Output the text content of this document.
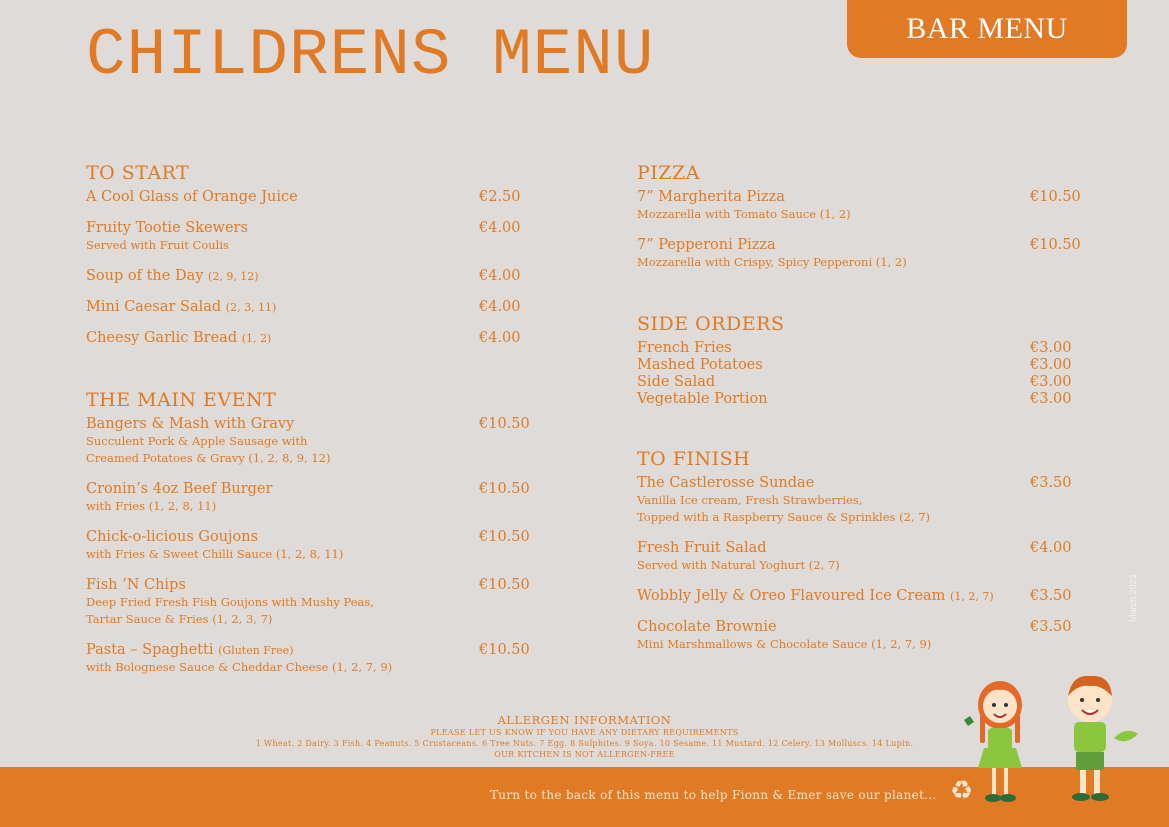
CHILDRENS MENU	BAR MENU
TO START
A Cool Glass of Orange Juice	€2.50
Fruity Tootie Skewers	€4.00
Served with Fruit Coulis
Soup of the Day (2, 9, 12)	€4.00
Mini Caesar Salad (2, 3, 11)	€4.00
Cheesy Garlic Bread (1, 2)	€4.00
THE MAIN EVENT
Bangers & Mash with Gravy	€10.50
Succulent Pork & Apple Sausage with
Creamed Potatoes & Gravy (1, 2, 8, 9, 12)
Cronin’s 4oz Beef Burger	€10.50
with Fries (1, 2, 8, 11)
Chick-o-licious Goujons	€10.50
with Fries & Sweet Chilli Sauce (1, 2, 8, 11)
Fish ’N Chips	€10.50
Deep Fried Fresh Fish Goujons with Mushy Peas,
Tartar Sauce & Fries (1, 2, 3, 7)
Pasta – Spaghetti (Gluten Free)	€10.50
with Bolognese Sauce & Cheddar Cheese (1, 2, 7, 9)
PIZZA
7” Margherita Pizza	€10.50
Mozzarella with Tomato Sauce (1, 2)
7” Pepperoni Pizza	€10.50
Mozzarella with Crispy, Spicy Pepperoni (1, 2)
SIDE ORDERS
French Fries	€3.00
Mashed Potatoes	€3.00
Side Salad	€3.00
Vegetable Portion	€3.00
TO FINISH
The Castlerosse Sundae	€3.50
Vanilla Ice cream, Fresh Strawberries,
Topped with a Raspberry Sauce & Sprinkles (2, 7)
Fresh Fruit Salad	€4.00
Served with Natural Yoghurt (2, 7)
Wobbly Jelly & Oreo Flavoured Ice Cream (1, 2, 7)	€3.50
Chocolate Brownie	€3.50
Mini Marshmallows & Chocolate Sauce (1, 2, 7, 9)
March 2023
ALLERGEN INFORMATION
PLEASE LET US KNOW IF YOU HAVE ANY DIETARY REQUIREMENTS
1 Wheat. 2 Dairy. 3 Fish. 4 Peanuts. 5 Crustaceans. 6 Tree Nuts. 7 Egg. 8 Sulphites. 9 Soya. 10 Sesame. 11 Mustard. 12 Celery. 13 Molluscs. 14 Lupin.
OUR KITCHEN IS NOT ALLERGEN-FREE
Turn to the back of this menu to help Fionn & Emer save our planet... ♻
